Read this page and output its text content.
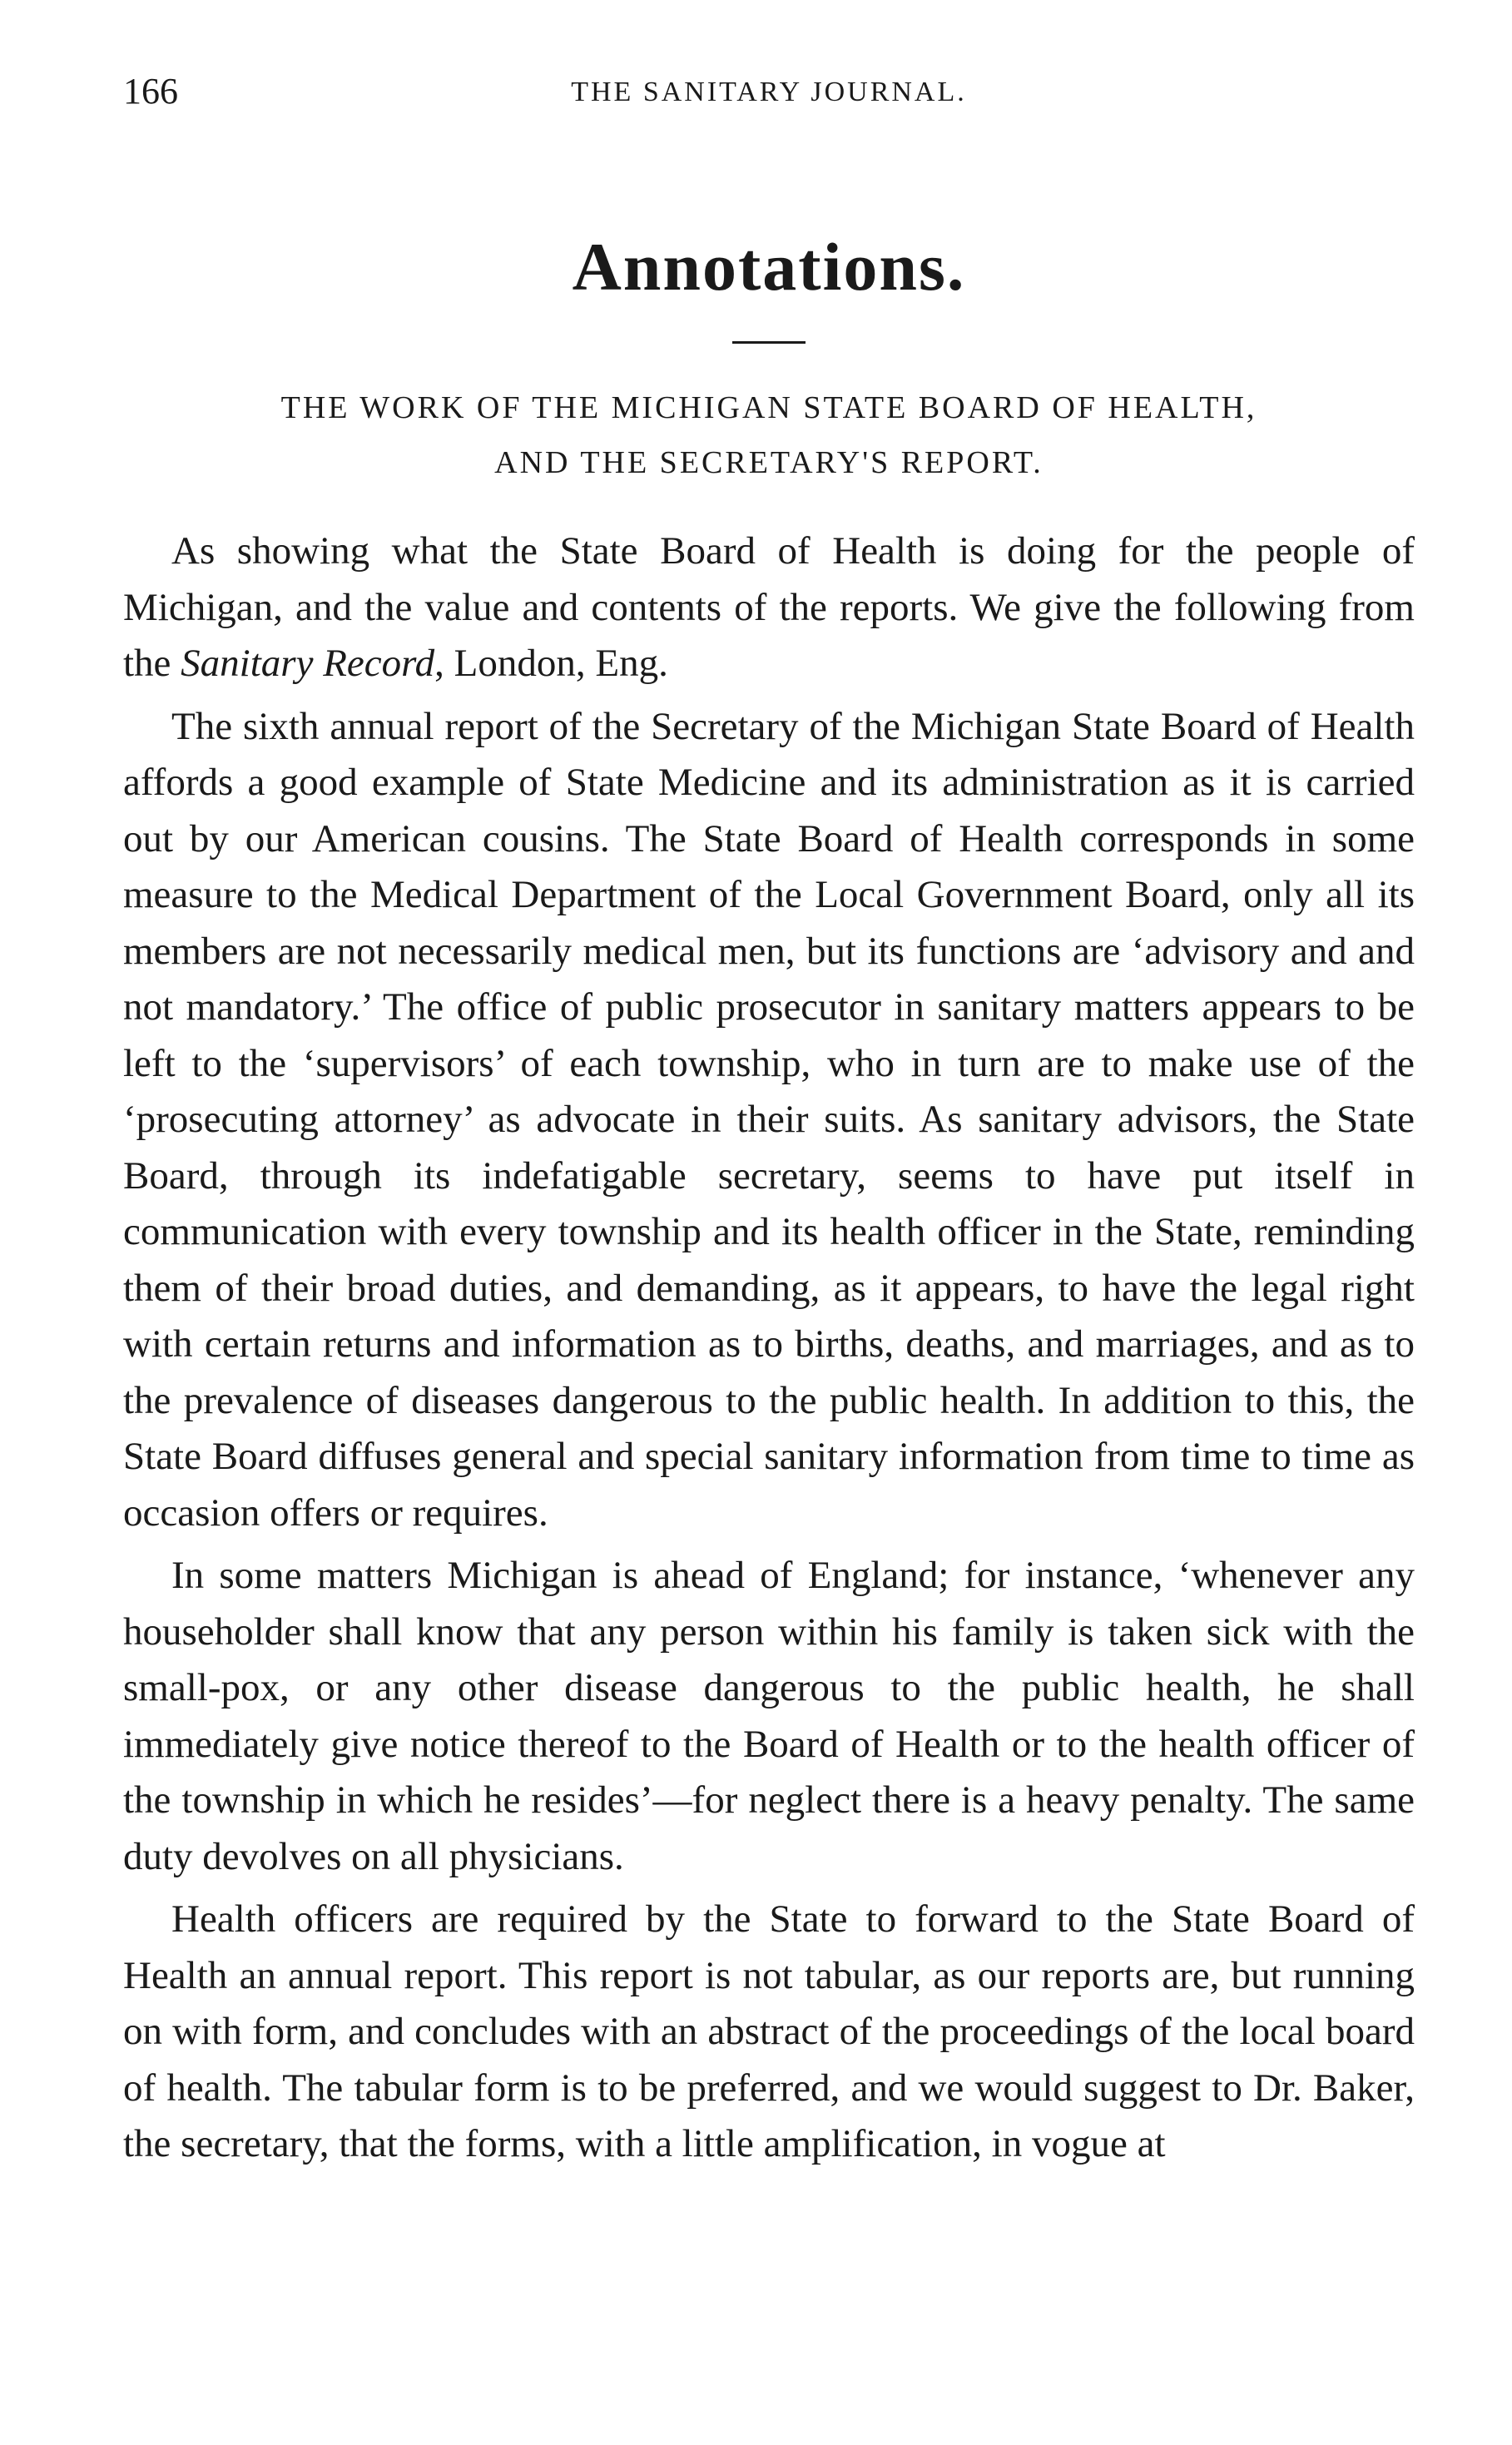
166	THE SANITARY JOURNAL.
Annotations.
THE WORK OF THE MICHIGAN STATE BOARD OF HEALTH,
AND THE SECRETARY'S REPORT.

As showing what the State Board of Health is doing for the people of Michigan, and the value and contents of the reports. We give the following from the Sanitary Record, London, Eng.

The sixth annual report of the Secretary of the Michigan State Board of Health affords a good example of State Medicine and its administration as it is carried out by our American cousins. The State Board of Health corresponds in some measure to the Medical Department of the Local Government Board, only all its members are not necessarily medical men, but its functions are ‘advisory and and not mandatory.’ The office of public prosecutor in sanitary matters appears to be left to the ‘supervisors’ of each township, who in turn are to make use of the ‘prosecuting attorney’ as advocate in their suits. As sanitary advisors, the State Board, through its indefatigable secretary, seems to have put itself in communication with every township and its health officer in the State, reminding them of their broad duties, and demanding, as it appears, to have the legal right with certain returns and information as to births, deaths, and marriages, and as to the prevalence of diseases dangerous to the public health. In addition to this, the State Board diffuses general and special sanitary information from time to time as occasion offers or requires.

In some matters Michigan is ahead of England; for instance, ‘whenever any householder shall know that any person within his family is taken sick with the small-pox, or any other disease dangerous to the public health, he shall immediately give notice thereof to the Board of Health or to the health officer of the township in which he resides’—for neglect there is a heavy penalty. The same duty devolves on all physicians.

Health officers are required by the State to forward to the State Board of Health an annual report. This report is not tabular, as our reports are, but running on with form, and concludes with an abstract of the proceedings of the local board of health. The tabular form is to be preferred, and we would suggest to Dr. Baker, the secretary, that the forms, with a little amplification, in vogue at
